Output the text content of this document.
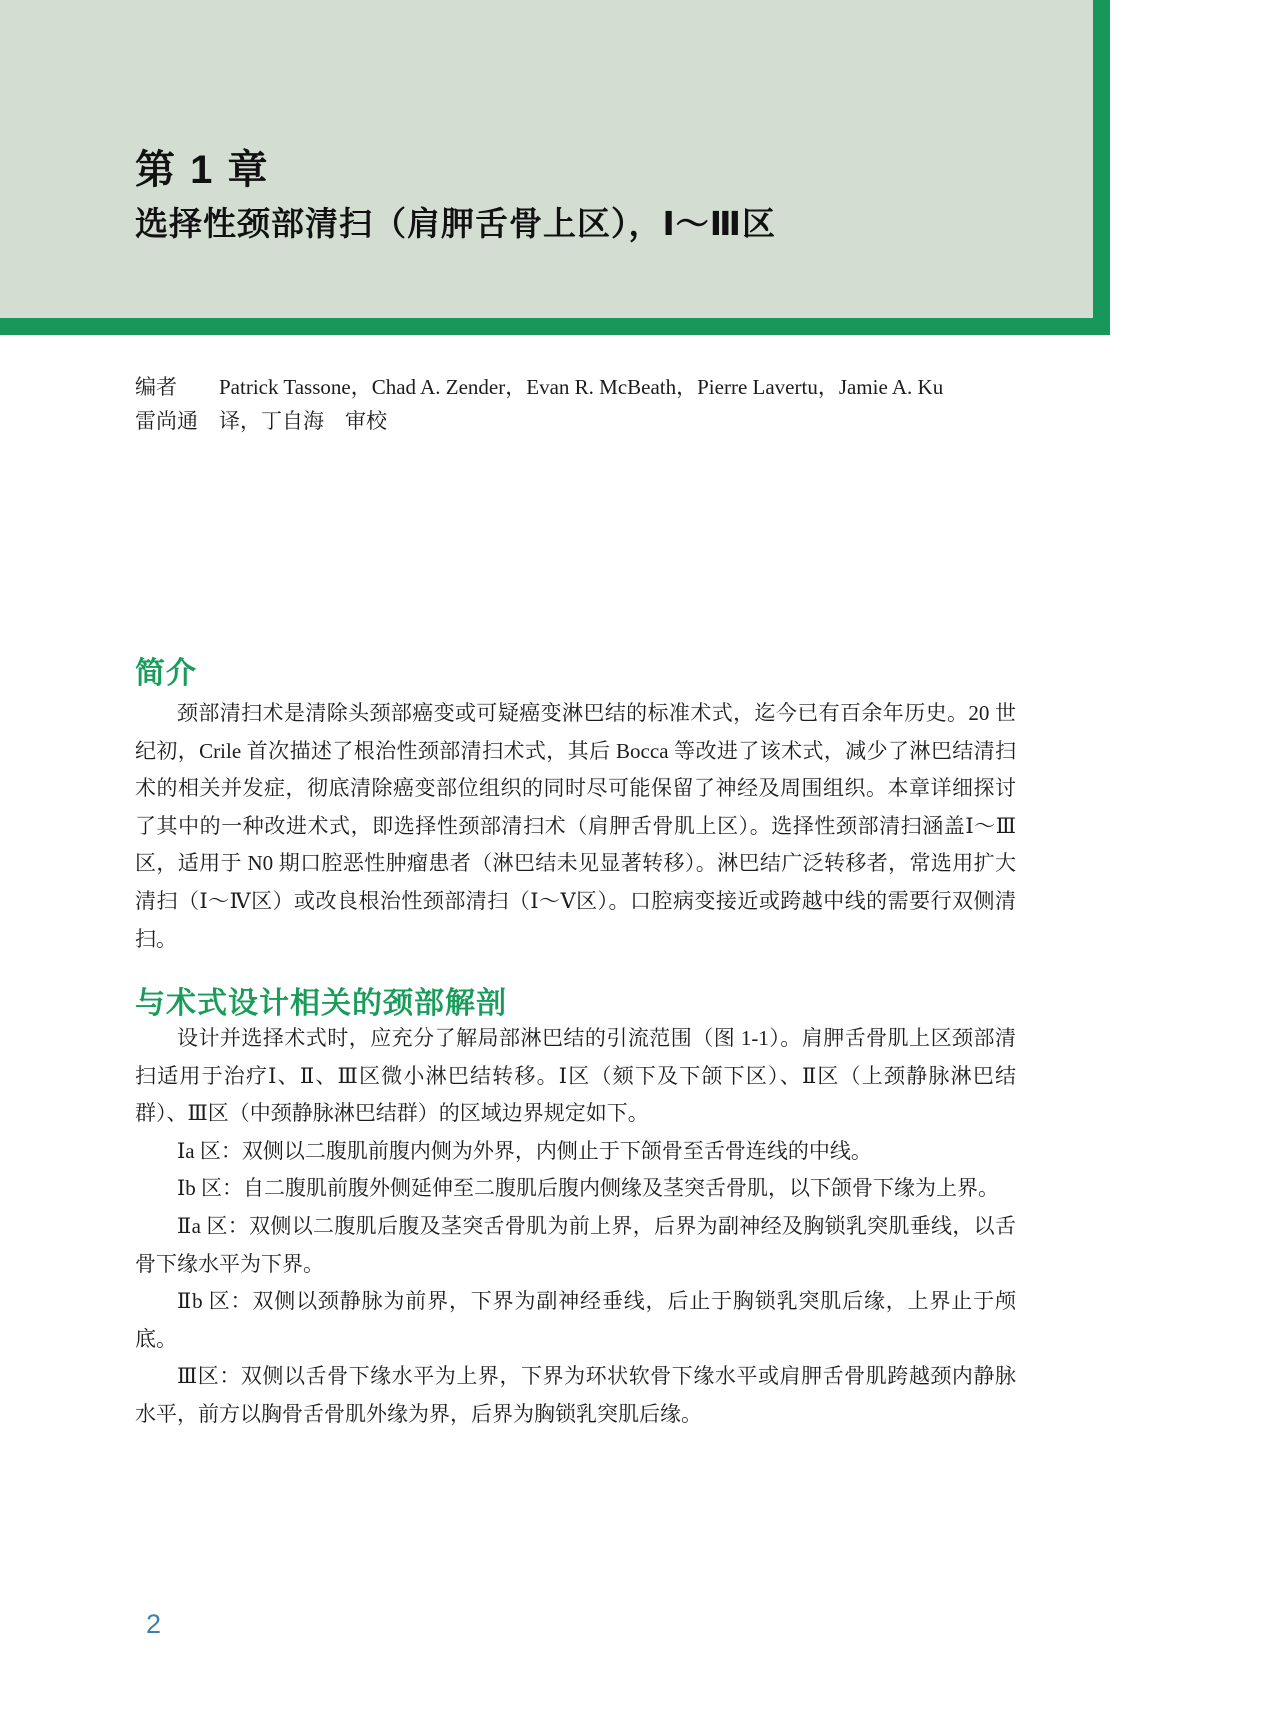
第 1 章
选择性颈部清扫（肩胛舌骨上区），Ⅰ～Ⅲ区
编者 Patrick Tassone，Chad A. Zender，Evan R. McBeath，Pierre Lavertu，Jamie A. Ku
雷尚通　译，丁自海　审校
简介

颈部清扫术是清除头颈部癌变或可疑癌变淋巴结的标准术式，迄今已有百余年历史。20 世纪初，Crile 首次描述了根治性颈部清扫术式，其后 Bocca 等改进了该术式，减少了淋巴结清扫术的相关并发症，彻底清除癌变部位组织的同时尽可能保留了神经及周围组织。本章详细探讨了其中的一种改进术式，即选择性颈部清扫术（肩胛舌骨肌上区）。选择性颈部清扫涵盖Ⅰ～Ⅲ区，适用于 N0 期口腔恶性肿瘤患者（淋巴结未见显著转移）。淋巴结广泛转移者，常选用扩大清扫（Ⅰ～Ⅳ区）或改良根治性颈部清扫（Ⅰ～Ⅴ区）。口腔病变接近或跨越中线的需要行双侧清扫。

与术式设计相关的颈部解剖

设计并选择术式时，应充分了解局部淋巴结的引流范围（图 1-1）。肩胛舌骨肌上区颈部清扫适用于治疗Ⅰ、Ⅱ、Ⅲ区微小淋巴结转移。Ⅰ区（颏下及下颌下区）、Ⅱ区（上颈静脉淋巴结群）、Ⅲ区（中颈静脉淋巴结群）的区域边界规定如下。

Ⅰa 区：双侧以二腹肌前腹内侧为外界，内侧止于下颌骨至舌骨连线的中线。

Ⅰb 区：自二腹肌前腹外侧延伸至二腹肌后腹内侧缘及茎突舌骨肌，以下颌骨下缘为上界。

Ⅱa 区：双侧以二腹肌后腹及茎突舌骨肌为前上界，后界为副神经及胸锁乳突肌垂线，以舌骨下缘水平为下界。

Ⅱb 区：双侧以颈静脉为前界，下界为副神经垂线，后止于胸锁乳突肌后缘，上界止于颅底。

Ⅲ区：双侧以舌骨下缘水平为上界，下界为环状软骨下缘水平或肩胛舌骨肌跨越颈内静脉水平，前方以胸骨舌骨肌外缘为界，后界为胸锁乳突肌后缘。

2
